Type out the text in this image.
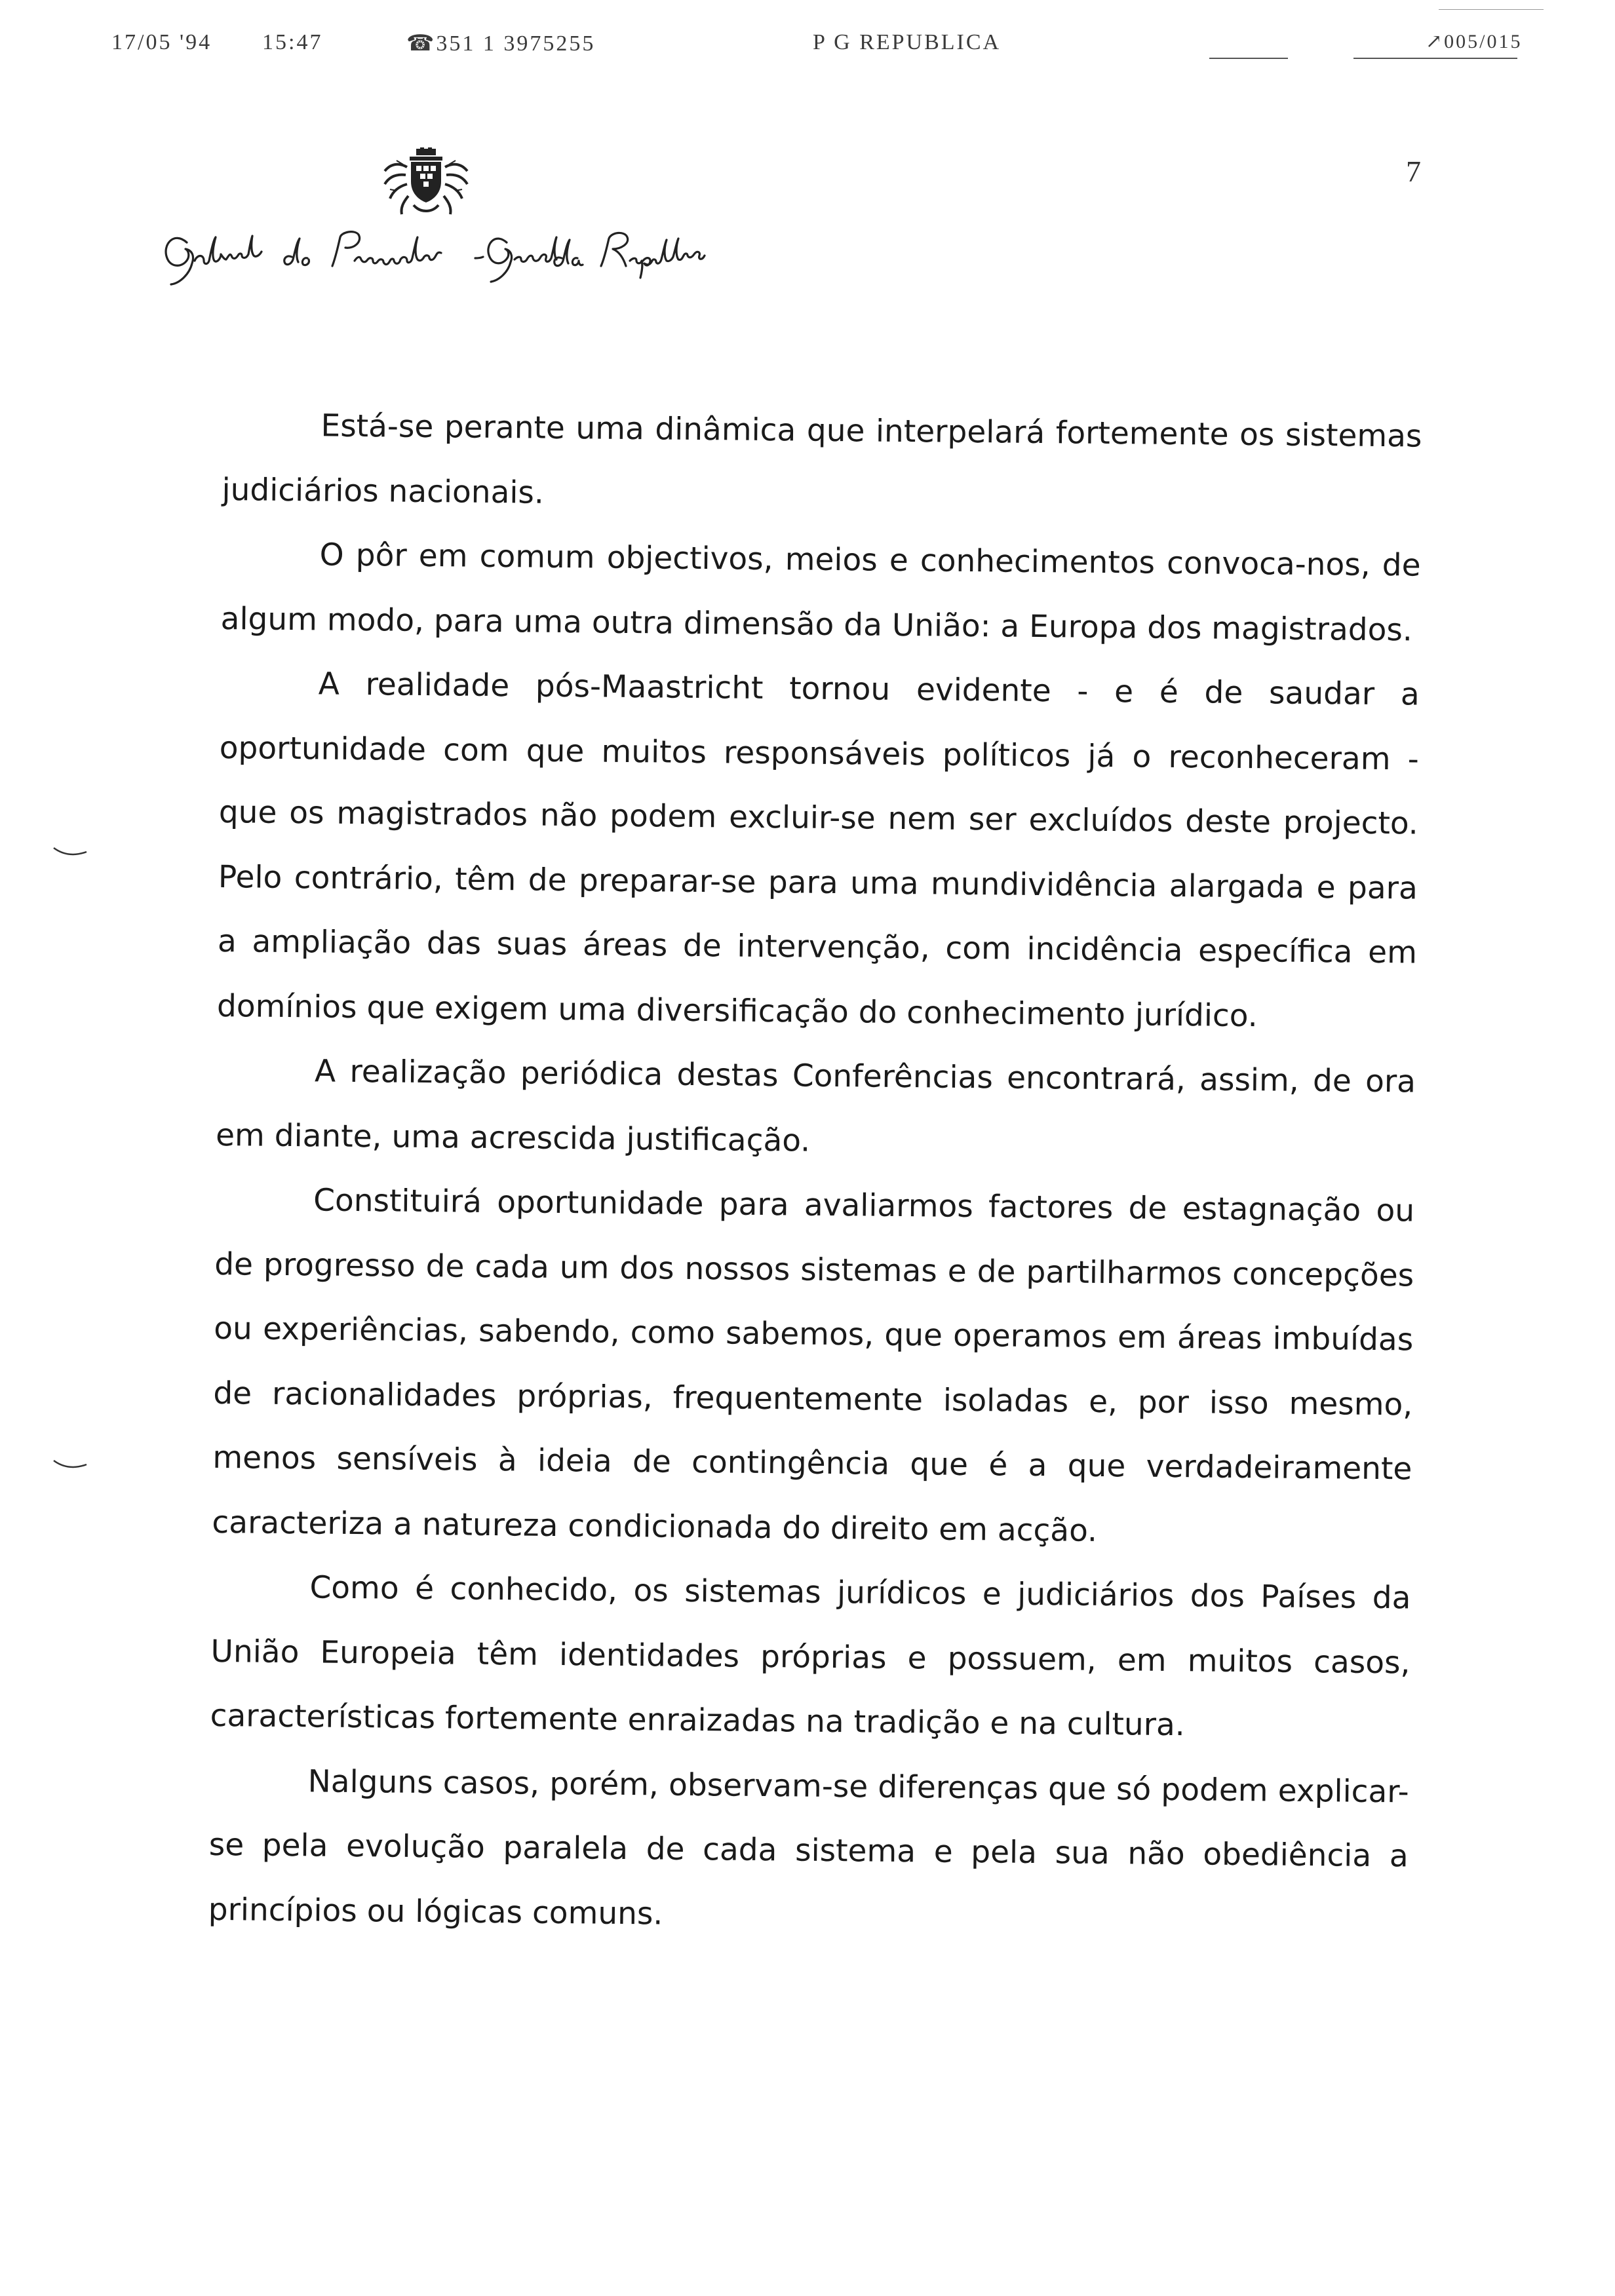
17/05 '94 15:47	☎351 1 3975255	P G REPUBLICA	↗005/015
7

Está-se perante uma dinâmica que interpelará fortemente os sistemas judiciários nacionais.

O pôr em comum objectivos, meios e conhecimentos convoca-nos, de algum modo, para uma outra dimensão da União: a Europa dos magistrados.

A realidade pós-Maastricht tornou evidente - e é de saudar a oportunidade com que muitos responsáveis políticos já o reconheceram - que os magistrados não podem excluir-se nem ser excluídos deste projecto. Pelo contrário, têm de preparar-se para uma mundividência alargada e para a ampliação das suas áreas de intervenção, com incidência específica em domínios que exigem uma diversificação do conhecimento jurídico.

A realização periódica destas Conferências encontrará, assim, de ora em diante, uma acrescida justificação.

Constituirá oportunidade para avaliarmos factores de estagnação ou de progresso de cada um dos nossos sistemas e de partilharmos concepções ou experiências, sabendo, como sabemos, que operamos em áreas imbuídas de racionalidades próprias, frequentemente isoladas e, por isso mesmo, menos sensíveis à ideia de contingência que é a que verdadeiramente caracteriza a natureza condicionada do direito em acção.

Como é conhecido, os sistemas jurídicos e judiciários dos Países da União Europeia têm identidades próprias e possuem, em muitos casos, características fortemente enraizadas na tradição e na cultura.

Nalguns casos, porém, observam-se diferenças que só podem explicar-se pela evolução paralela de cada sistema e pela sua não obediência a princípios ou lógicas comuns.
